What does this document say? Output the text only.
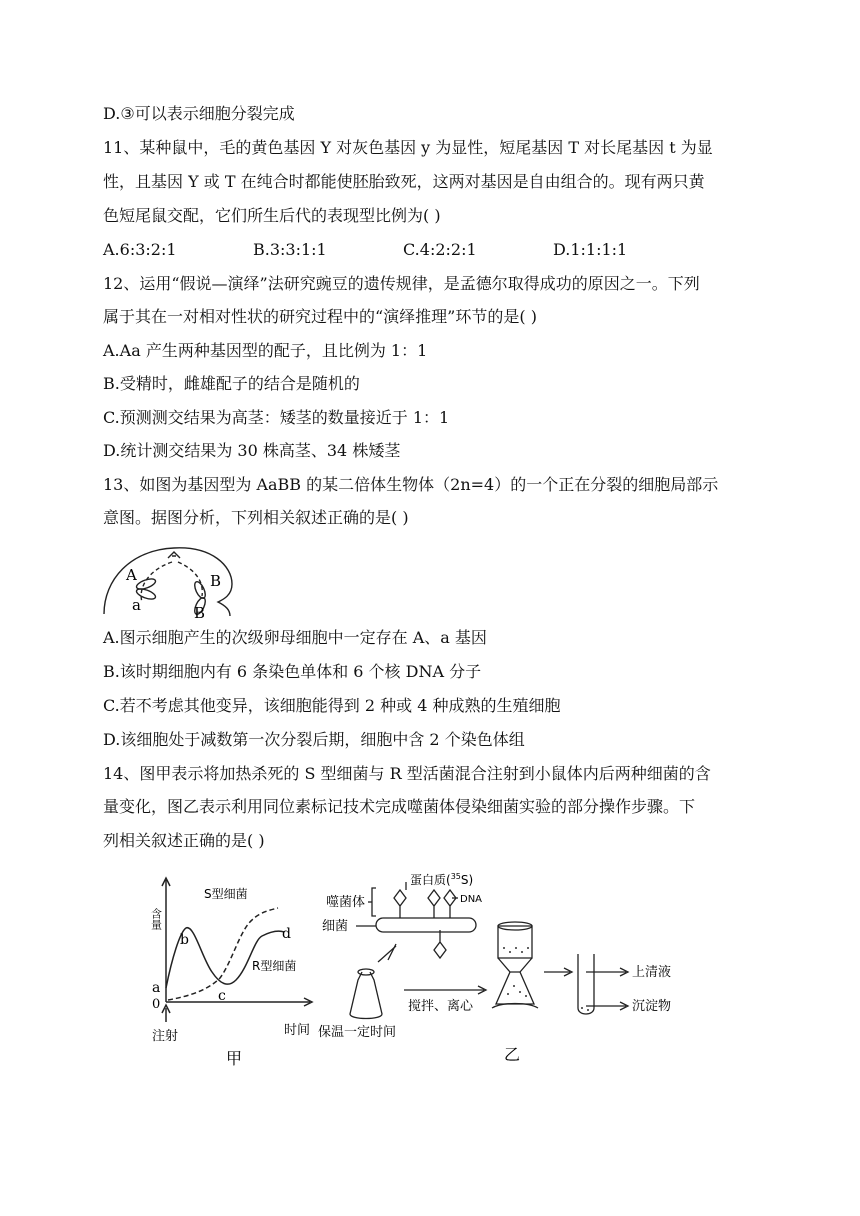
D.③可以表示细胞分裂完成
11、某种鼠中，毛的黄色基因 Y 对灰色基因 y 为显性，短尾基因 T 对长尾基因 t 为显
性，且基因 Y 或 T 在纯合时都能使胚胎致死，这两对基因是自由组合的。现有两只黄
色短尾鼠交配，它们所生后代的表现型比例为( )
A.6:3:2:1	B.3:3:1:1	C.4:2:2:1	D.1:1:1:1
12、运用“假说—演绎”法研究豌豆的遗传规律，是孟德尔取得成功的原因之一。下列
属于其在一对相对性状的研究过程中的“演绎推理”环节的是( )
A.Aa 产生两种基因型的配子，且比例为 1：1
B.受精时，雌雄配子的结合是随机的
C.预测测交结果为高茎：矮茎的数量接近于 1：1
D.统计测交结果为 30 株高茎、34 株矮茎
13、如图为基因型为 AaBB 的某二倍体生物体（2n=4）的一个正在分裂的细胞局部示
意图。据图分析，下列相关叙述正确的是( )
A
a
B
B
A.图示细胞产生的次级卵母细胞中一定存在 A、a 基因
B.该时期细胞内有 6 条染色单体和 6 个核 DNA 分子
C.若不考虑其他变异，该细胞能得到 2 种或 4 种成熟的生殖细胞
D.该细胞处于减数第一次分裂后期，细胞中含 2 个染色体组
14、图甲表示将加热杀死的 S 型细菌与 R 型活菌混合注射到小鼠体内后两种细菌的含
量变化，图乙表示利用同位素标记技术完成噬菌体侵染细菌实验的部分操作步骤。下
列相关叙述正确的是( )
含量
S型细菌
R型细菌
b	d
a	c
0
注射	时间
甲
蛋白质($^{35}$S)
DNA
噬菌体
细菌
保温一定时间
搅拌、离心
上清液
沉淀物
乙
